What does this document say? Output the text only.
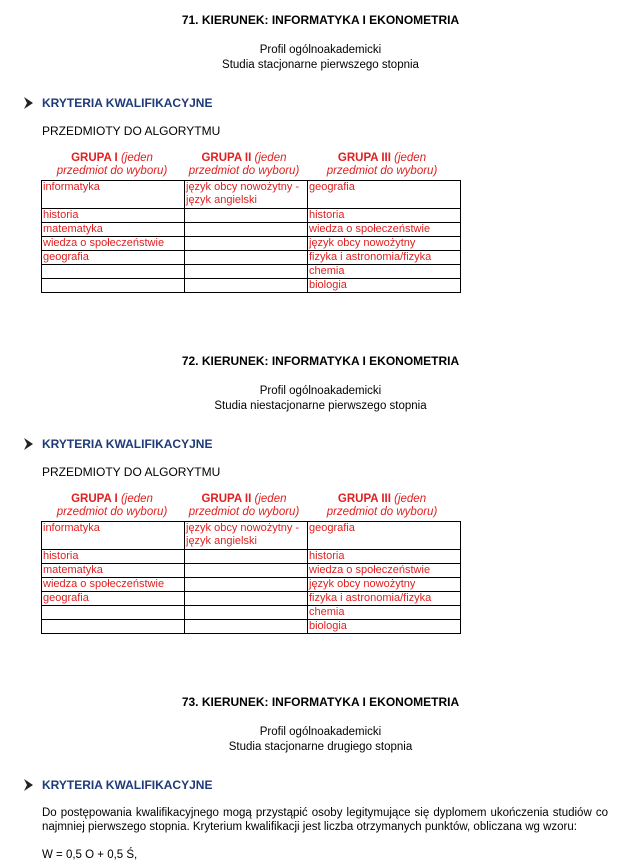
71. KIERUNEK: INFORMATYKA I EKONOMETRIA
Profil ogólnoakademicki
Studia stacjonarne pierwszego stopnia
KRYTERIA KWALIFIKACYJNE
PRZEDMIOTY DO ALGORYTMU
GRUPA I (jeden
przedmiot do wyboru)
GRUPA II (jeden
przedmiot do wyboru)
GRUPA III (jeden
przedmiot do wyboru)
informatyka	język obcy nowożytny - język angielski	geografia
historia		historia
matematyka		wiedza o społeczeństwie
wiedza o społeczeństwie		język obcy nowożytny
geografia		fizyka i astronomia/fizyka
		chemia
		biologia
72. KIERUNEK: INFORMATYKA I EKONOMETRIA
Profil ogólnoakademicki
Studia niestacjonarne pierwszego stopnia
KRYTERIA KWALIFIKACYJNE
PRZEDMIOTY DO ALGORYTMU
GRUPA I (jeden
przedmiot do wyboru)
GRUPA II (jeden
przedmiot do wyboru)
GRUPA III (jeden
przedmiot do wyboru)
informatyka	język obcy nowożytny - język angielski	geografia
historia		historia
matematyka		wiedza o społeczeństwie
wiedza o społeczeństwie		język obcy nowożytny
geografia		fizyka i astronomia/fizyka
		chemia
		biologia
73. KIERUNEK: INFORMATYKA I EKONOMETRIA
Profil ogólnoakademicki
Studia stacjonarne drugiego stopnia
KRYTERIA KWALIFIKACYJNE
Do postępowania kwalifikacyjnego mogą przystąpić osoby legitymujące się dyplomem ukończenia studiów co najmniej pierwszego stopnia. Kryterium kwalifikacji jest liczba otrzymanych punktów, obliczana wg wzoru:
W = 0,5 O + 0,5 Ś,
